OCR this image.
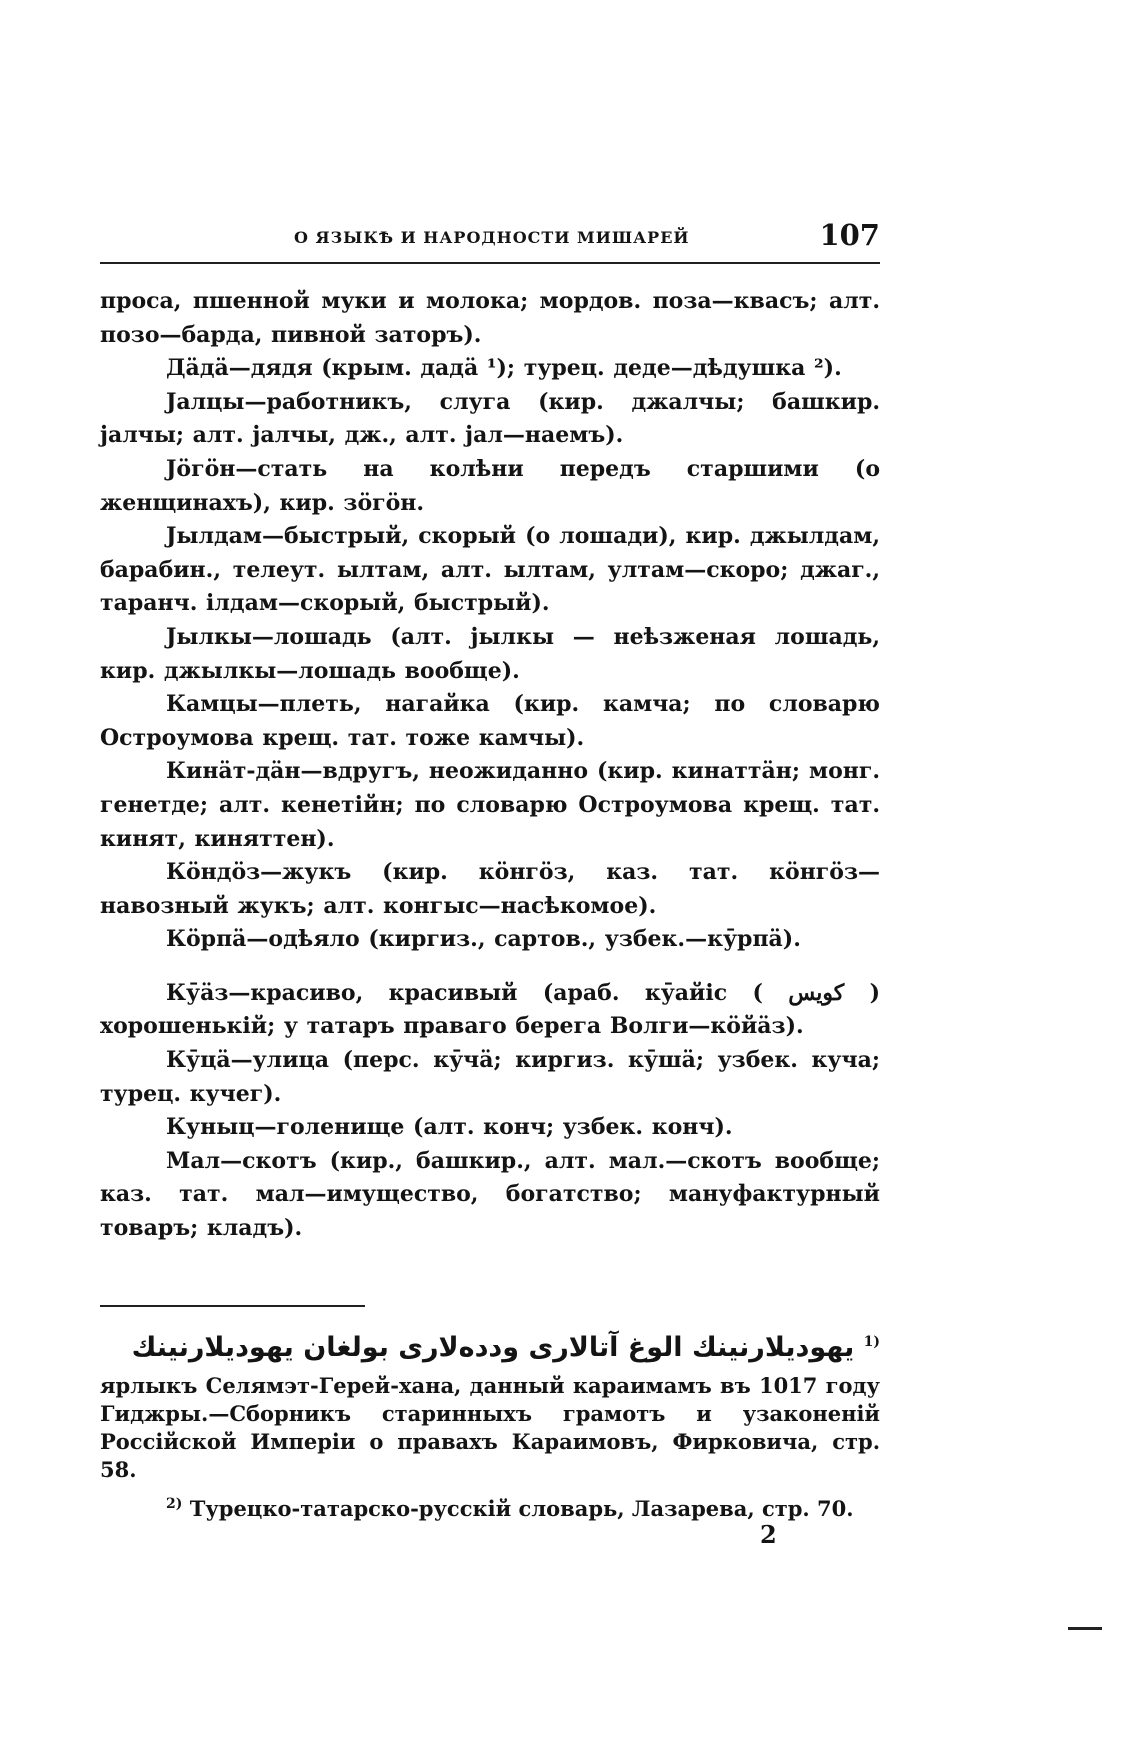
О ЯЗЫКѢ И НАРОДНОСТИ МИШАРЕЙ	107

проса, пшенной муки и молока; мордов. поза—квасъ; алт. позо—барда, пивной заторъ).

Дäдä—дядя (крым. дадä ¹); турец. деде—дѣдушка ²).

Јалцы—работникъ, слуга (кир. джалчы; башкир. јалчы; алт. јалчы, дж., алт. јал—наемъ).

Јöгöн—стать на колѣни передъ старшими (о женщинахъ), кир. зöгöн.

Јылдам—быстрый, скорый (о лошади), кир. джылдам, барабин., телеут. ылтам, алт. ылтам, ултам—скоро; джаг., таранч. ілдам—скорый, быстрый).

Јылкы—лошадь (алт. јылкы — неѣзженая лошадь, кир. джылкы—лошадь вообще).

Камцы—плеть, нагайка (кир. камча; по словарю Остроумова крещ. тат. тоже камчы).

Кинäт-дäн—вдругъ, неожиданно (кир. кинаттäн; монг. генетде; алт. кенетійн; по словарю Остроумова крещ. тат. кинят, киняттен).

Кöндöз—жукъ (кир. кöнгöз, каз. тат. кöнгöз—навозный жукъ; алт. конгыс—насѣкомое).

Кöрпä—одѣяло (киргиз., сартов., узбек.—кӯрпä).

Кӯäз—красиво, красивый (араб. кӯайіс ( کویس ) хорошенькій; у татаръ праваго берега Волги—кöйäз).

Кӯцä—улица (перс. кӯчä; киргиз. кӯшä; узбек. куча; турец. кучег).

Куныц—голенище (алт. конч; узбек. конч).

Мал—скотъ (кир., башкир., алт. мал.—скотъ вообще; каз. тат. мал—имущество, богатство; мануфактурный товаръ; кладъ).

یهودیلارنینك الوغ آتالاری ودده‌لاری بولغان یهودیلارنینك $^{1)}$

ярлыкъ Селямэт-Герей-хана, данный караимамъ въ 1017 году Гиджры.—Сборникъ старинныхъ грамотъ и узаконеній Россійской Имперіи о правахъ Караимовъ, Фирковича, стр. 58.

$^{2)}$ Турецко-татарско-русскій словарь, Лазарева, стр. 70.

2
